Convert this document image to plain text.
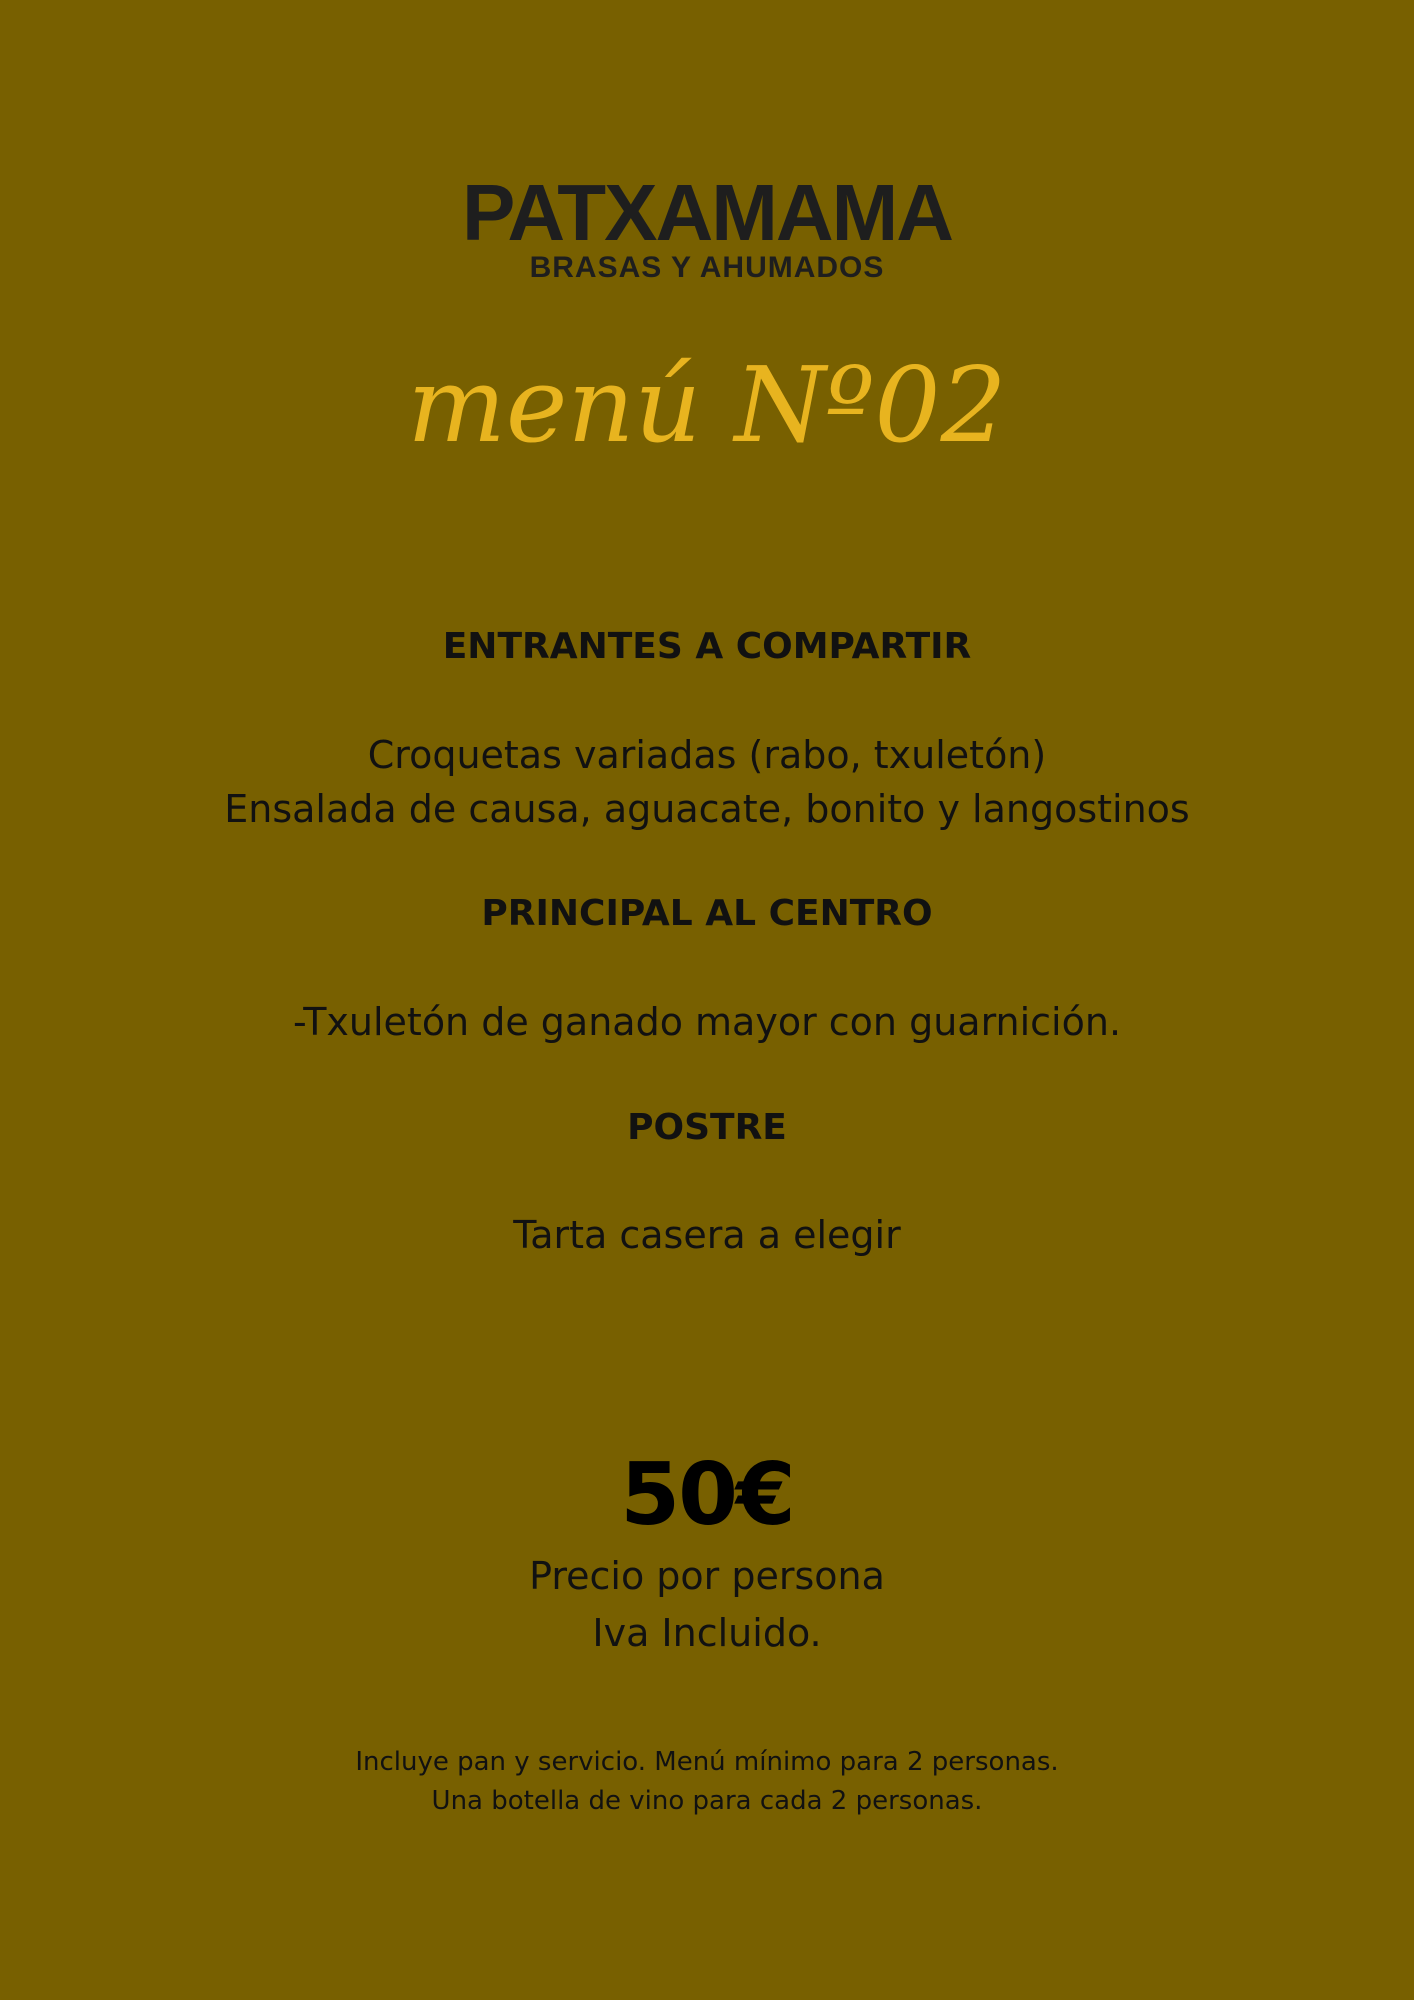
PATXAMAMA
BRASAS Y AHUMADOS
menú Nº02
ENTRANTES A COMPARTIR
Croquetas variadas (rabo, txuletón)
Ensalada de causa, aguacate, bonito y langostinos
PRINCIPAL AL CENTRO
-Txuletón de ganado mayor con guarnición.
POSTRE
Tarta casera a elegir
50€
Precio por persona
Iva Incluido.
Incluye pan y servicio. Menú mínimo para 2 personas.
Una botella de vino para cada 2 personas.
